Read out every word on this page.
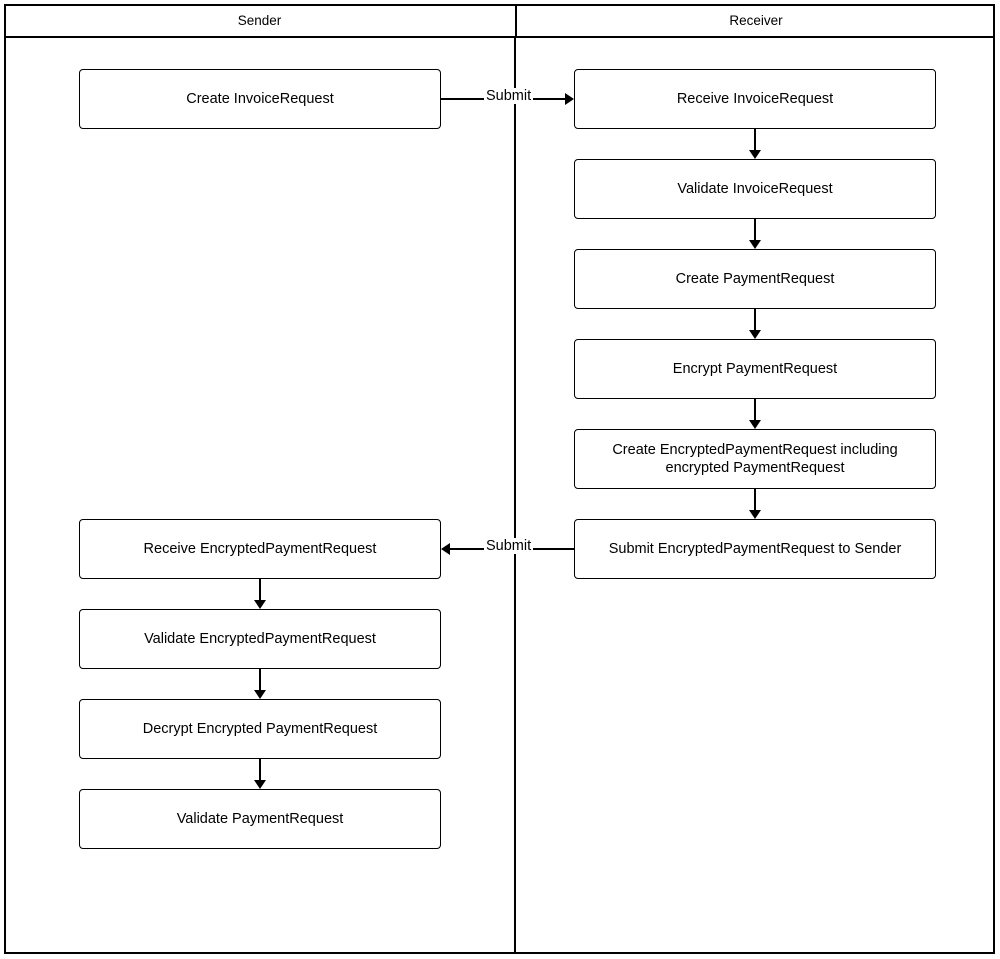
Sender	Receiver
Create InvoiceRequest	Receive InvoiceRequest
Validate InvoiceRequest
Create PaymentRequest
Encrypt PaymentRequest
Create EncryptedPaymentRequest including encrypted PaymentRequest
Submit EncryptedPaymentRequest to Sender
Receive EncryptedPaymentRequest
Validate EncryptedPaymentRequest
Decrypt Encrypted PaymentRequest
Validate PaymentRequest
Submit
Submit
